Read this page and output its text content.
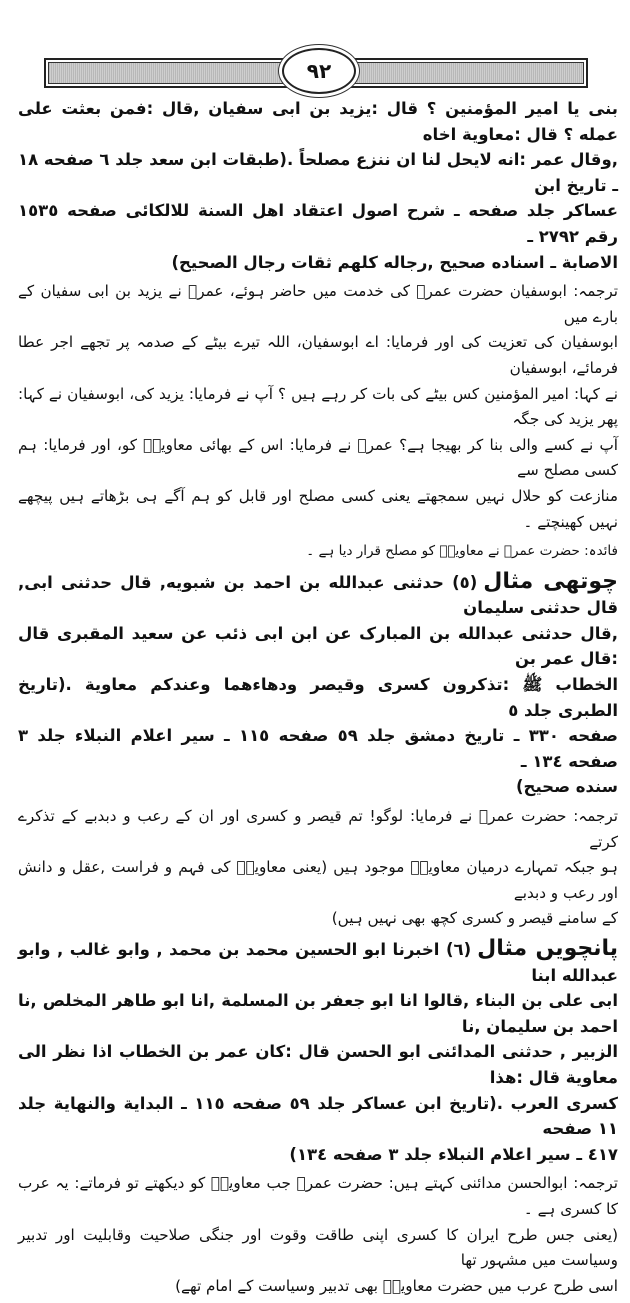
۹۲
بنی یا امیر المؤمنین ؟ قال :یزید بن ابی سفیان ,قال :فمن بعثت علی عمله ؟ قال :معاویة اخاه
,وقال عمر :انه لایحل لنا ان ننزع مصلحاً .(طبقات ابن سعد جلد ٦ صفحه ١٨ ـ تاریخ ابن
عساکر جلد صفحه ـ شرح اصول اعتقاد اهل السنة للالکائی صفحه ١٥٣٥ رقم ٢٧٩٢ ـ
الاصابة ـ اسناده صحیح ,رجاله کلهم ثقات رجال الصحیح)
ترجمہ: ابوسفیان حضرت عمرؓ کی خدمت میں حاضر ہوئے، عمرؓ نے یزید بن ابی سفیان کے بارے میں
ابوسفیان کی تعزیت کی اور فرمایا: اے ابوسفیان، اللہ تیرے بیٹے کے صدمہ پر تجھے اجر عطا فرمائے، ابوسفیان
نے کہا: امیر المؤمنین کس بیٹے کی بات کر رہے ہیں ؟ آپ نے فرمایا: یزید کی، ابوسفیان نے کہا: پھر یزید کی جگہ
آپ نے کسے والی بنا کر بھیجا ہے؟ عمرؓ نے فرمایا: اس کے بھائی معاویہؓ کو، اور فرمایا: ہم کسی مصلح سے
منازعت کو حلال نہیں سمجھتے یعنی کسی مصلح اور قابل کو ہم آگے ہی بڑھاتے ہیں پیچھے نہیں کھینچتے ۔
فائدہ: حضرت عمرؓ نے معاویہؓ کو مصلح قرار دیا ہے ۔
چوتھی مثال(٥) حدثنی عبدالله بن احمد بن شبویه, قال حدثنی ابی, قال حدثنی سلیمان
,قال حدثنی عبدالله بن المبارک عن ابن ابی ذئب عن سعید المقبری قال :قال عمر بن
الخطاب ﷺ :تذکرون کسری وقیصر ودهاءهما وعندکم معاویة .(تاریخ الطبری جلد ٥
صفحه ٣٣٠ ـ تاریخ دمشق جلد ٥٩ صفحه ١١٥ ـ سیر اعلام النبلاء جلد ٣ صفحه ١٣٤ ـ
سنده صحیح)
ترجمہ: حضرت عمرؓ نے فرمایا: لوگو! تم قیصر و کسری اور ان کے رعب و دبدبے کے تذکرے کرتے
ہو جبکہ تمہارے درمیان معاویہؓ موجود ہیں (یعنی معاویہؓ کی فہم و فراست ,عقل و دانش اور رعب و دبدبے
کے سامنے قیصر و کسری کچھ بھی نہیں ہیں)
پانچویں مثال(٦) اخبرنا ابو الحسین محمد بن محمد , وابو غالب , وابو عبدالله ابنا
ابی علی بن البناء ,قالوا انا ابو جعفر بن المسلمة ,انا ابو طاهر المخلص ,نا احمد بن سلیمان ,نا
الزبیر , حدثنی المدائنی ابو الحسن قال :کان عمر بن الخطاب اذا نظر الی معاویة قال :هذا
کسری العرب .(تاریخ ابن عساکر جلد ٥٩ صفحه ١١٥ ـ البدایة والنهایة جلد ١١ صفحه
٤١٧ ـ سیر اعلام النبلاء جلد ٣ صفحه ١٣٤)
ترجمہ: ابوالحسن مدائنی کہتے ہیں: حضرت عمرؓ جب معاویہؓ کو دیکھتے تو فرماتے: یہ عرب کا کسری ہے ۔
(یعنی جس طرح ایران کا کسری اپنی طاقت وقوت اور جنگی صلاحیت وقابلیت اور تدبیر وسیاست میں مشہور تھا
اسی طرح عرب میں حضرت معاویہؓ بھی تدبیر وسیاست کے امام تھے)
